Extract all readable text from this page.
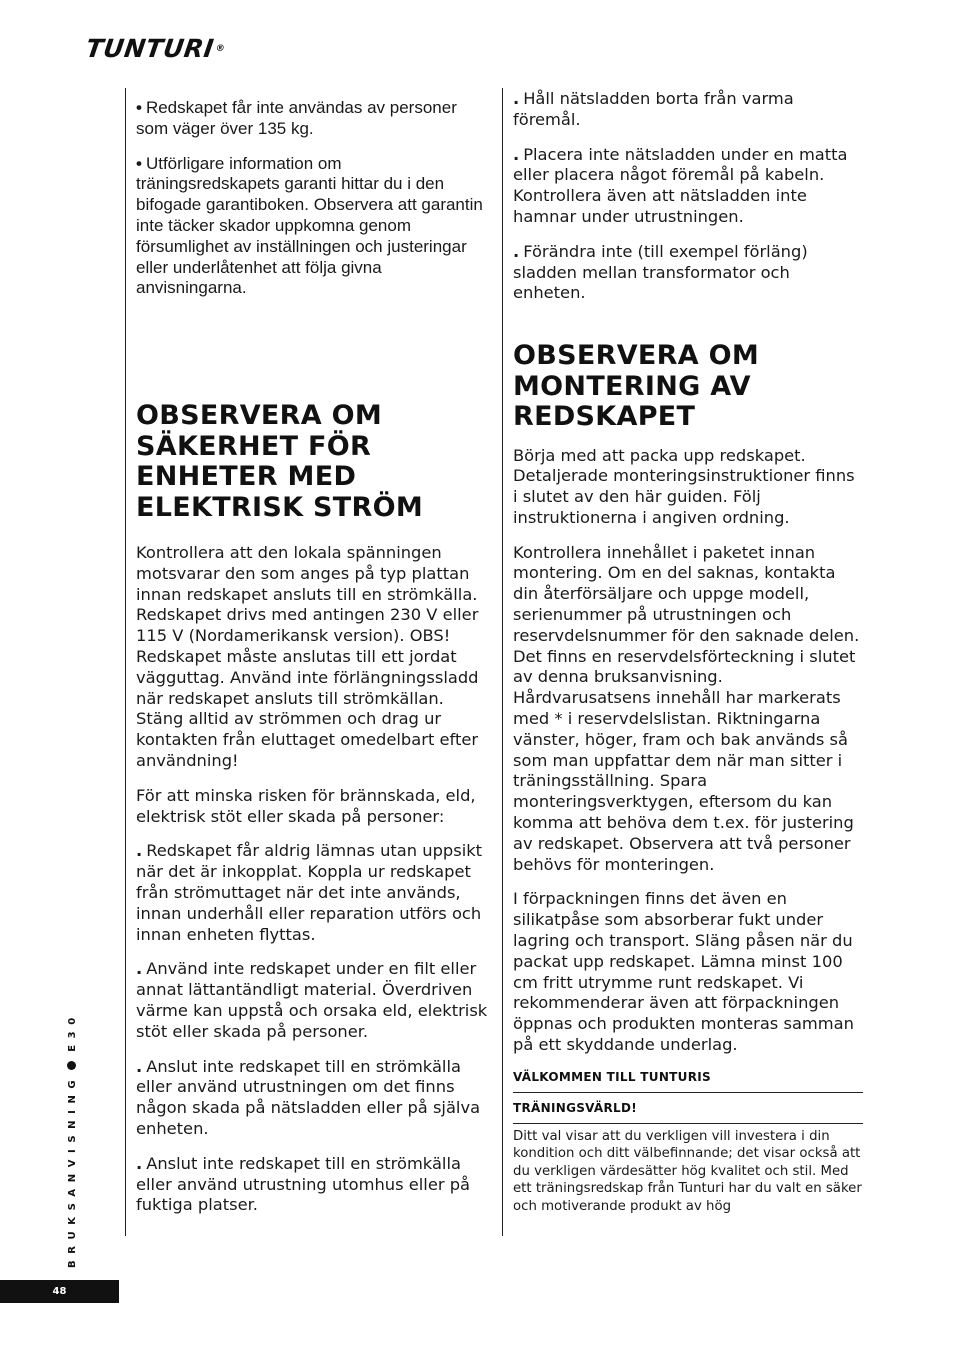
TUNTURI®

• Redskapet får inte användas av personer som väger över 135 kg.

• Utförligare information om träningsredskapets garanti hittar du i den bifogade garantiboken. Observera att garantin inte täcker skador uppkomna genom försumlighet av inställningen och justeringar eller underlåtenhet att följa givna anvisningarna.

OBSERVERA OM SÄKERHET FÖR ENHETER MED ELEKTRISK STRÖM

Kontrollera att den lokala spänningen motsvarar den som anges på typ plattan innan redskapet ansluts till en strömkälla. Redskapet drivs med antingen 230 V eller 115 V (Nordamerikansk version). OBS! Redskapet måste anslutas till ett jordat vägguttag. Använd inte förlängningssladd när redskapet ansluts till strömkällan. Stäng alltid av strömmen och drag ur kontakten från eluttaget omedelbart efter användning!

För att minska risken för brännskada, eld, elektrisk stöt eller skada på personer:

. Redskapet får aldrig lämnas utan uppsikt när det är inkopplat. Koppla ur redskapet från strömuttaget när det inte används, innan underhåll eller reparation utförs och innan enheten flyttas.

. Använd inte redskapet under en filt eller annat lättantändligt material. Överdriven värme kan uppstå och orsaka eld, elektrisk stöt eller skada på personer.

. Anslut inte redskapet till en strömkälla eller använd utrustningen om det finns någon skada på nätsladden eller på själva enheten.

. Anslut inte redskapet till en strömkälla eller använd utrustning utomhus eller på fuktiga platser.

. Håll nätsladden borta från varma föremål.

. Placera inte nätsladden under en matta eller placera något föremål på kabeln. Kontrollera även att nätsladden inte hamnar under utrustningen.

. Förändra inte (till exempel förläng) sladden mellan transformator och enheten.

OBSERVERA OM MONTERING AV REDSKAPET

Börja med att packa upp redskapet. Detaljerade monteringsinstruktioner finns i slutet av den här guiden. Följ instruktionerna i angiven ordning.

Kontrollera innehållet i paketet innan montering. Om en del saknas, kontakta din återförsäljare och uppge modell, serienummer på utrustningen och reservdelsnummer för den saknade delen. Det finns en reservdelsförteckning i slutet av denna bruksanvisning. Hårdvarusatsens innehåll har markerats med * i reservdelslistan. Riktningarna vänster, höger, fram och bak används så som man uppfattar dem när man sitter i träningsställning. Spara monteringsverktygen, eftersom du kan komma att behöva dem t.ex. för justering av redskapet. Observera att två personer behövs för monteringen.

I förpackningen finns det även en silikatpåse som absorberar fukt under lagring och transport. Släng påsen när du packat upp redskapet. Lämna minst 100 cm fritt utrymme runt redskapet. Vi rekommenderar även att förpackningen öppnas och produkten monteras samman på ett skyddande underlag.

VÄLKOMMEN TILL TUNTURIS
TRÄNINGSVÄRLD!

Ditt val visar att du verkligen vill investera i din kondition och ditt välbefinnande; det visar också att du verkligen värdesätter hög kvalitet och stil. Med ett träningsredskap från Tunturi har du valt en säker och motiverande produkt av hög

BRUKSANVISNINGE30
48
